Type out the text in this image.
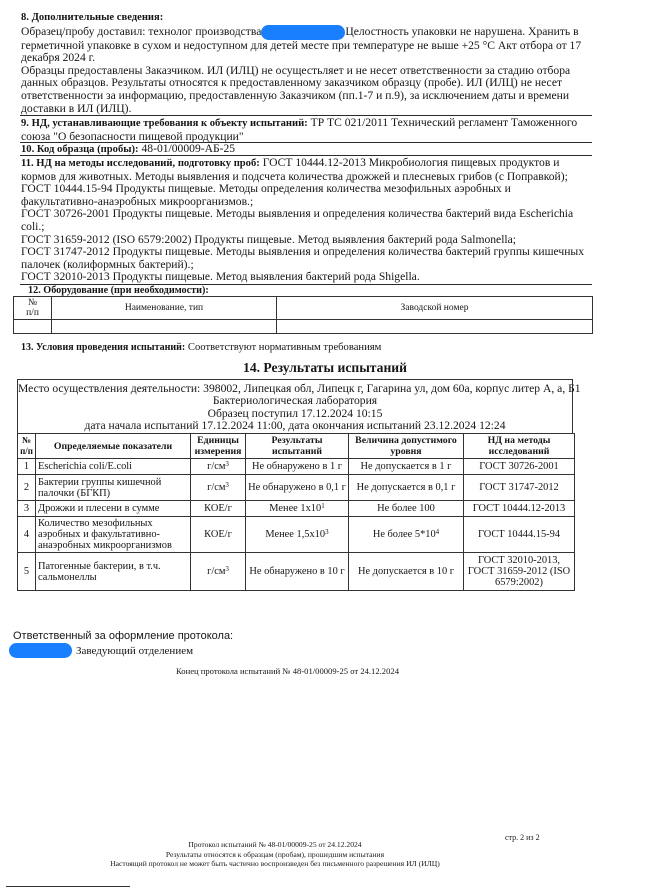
8. Дополнительные сведения:
Образец/пробу доставил: технолог производства	Целостность упаковки не нарушена. Хранить в
герметичной упаковке в сухом и недоступном для детей месте при температуре не выше +25 °С Акт отбора от 17
декабря 2024 г.
Образцы предоставлены Заказчиком. ИЛ (ИЛЦ) не осущестьляет и не несет ответственности за стадию отбора
данных образцов. Результаты относятся к предоставленному заказчиком образцу (пробе). ИЛ (ИЛЦ) не несет
ответственности за информацию, предоставленную Заказчиком (пп.1-7 и п.9), за исключением даты и времени
доставки в ИЛ (ИЛЦ).
9. НД, устанавливающие требования к объекту испытаний: ТР ТС 021/2011 Технический регламент Таможенного
союза "О безопасности пищевой продукции"
10. Код образца (пробы): 48-01/00009-АБ-25
11. НД на методы исследований, подготовку проб: ГОСТ 10444.12-2013 Микробиология пищевых продуктов и
кормов для животных. Методы выявления и подсчета количества дрожжей и плесневых грибов (с Поправкой);
ГОСТ 10444.15-94 Продукты пищевые. Методы определения количества мезофильных аэробных и
факультативно-анаэробных микроорганизмов.;
ГОСТ 30726-2001 Продукты пищевые. Методы выявления и определения количества бактерий вида Escherichia
coli.;
ГОСТ 31659-2012 (ISO 6579:2002) Продукты пищевые. Метод выявления бактерий рода Salmonella;
ГОСТ 31747-2012 Продукты пищевые. Методы выявления и определения количества бактерий группы кишечных
палочек (колиформных бактерий).;
ГОСТ 32010-2013 Продукты пищевые. Метод выявления бактерий рода Shigella.
12. Оборудование (при необходимости):
№
п/п	Наименование, тип	Заводской номер

13. Условия проведения испытаний: Соответствуют нормативным требованиям
14. Результаты испытаний
Место осуществления деятельности: 398002, Липецкая обл, Липецк г, Гагарина ул, дом 60а, корпус литер А, а, Б1
Бактериологическая лаборатория
Образец поступил 17.12.2024 10:15
дата начала испытаний 17.12.2024 11:00, дата окончания испытаний 23.12.2024 12:24
№ п/п	Определяемые показатели	Единицы измерения	Результаты испытаний	Величина допустимого уровня	НД на методы исследований
1	Escherichia coli/E.coli	$г/см^3$	Не обнаружено в 1 г	Не допускается в 1 г	ГОСТ 30726-2001
2	Бактерии группы кишечной палочки (БГКП)	$г/см^3$	Не обнаружено в 0,1 г	Не допускается в 0,1 г	ГОСТ 31747-2012
3	Дрожжи и плесени в сумме	КОЕ/г	Менее $1x10^1$	Не более 100	ГОСТ 10444.12-2013
4	Количество мезофильных аэробных и факультативно-анаэробных микроорганизмов	КОЕ/г	Менее $1,5x10^3$	Не более $5*10^4$	ГОСТ 10444.15-94
5	Патогенные бактерии, в т.ч. сальмонеллы	$г/см^3$	Не обнаружено в 10 г	Не допускается в 10 г	ГОСТ 32010-2013, ГОСТ 31659-2012 (ISO 6579:2002)
Ответственный за оформление протокола:
Заведующий отделением
Конец протокола испытаний № 48-01/00009-25 от 24.12.2024
стр. 2 из 2
Протокол испытаний № 48-01/00009-25 от 24.12.2024
Результаты относятся к образцам (пробам), прошедшим испытания
Настоящий протокол не может быть частично воспроизведен без письменного разрешения ИЛ (ИЛЦ)
